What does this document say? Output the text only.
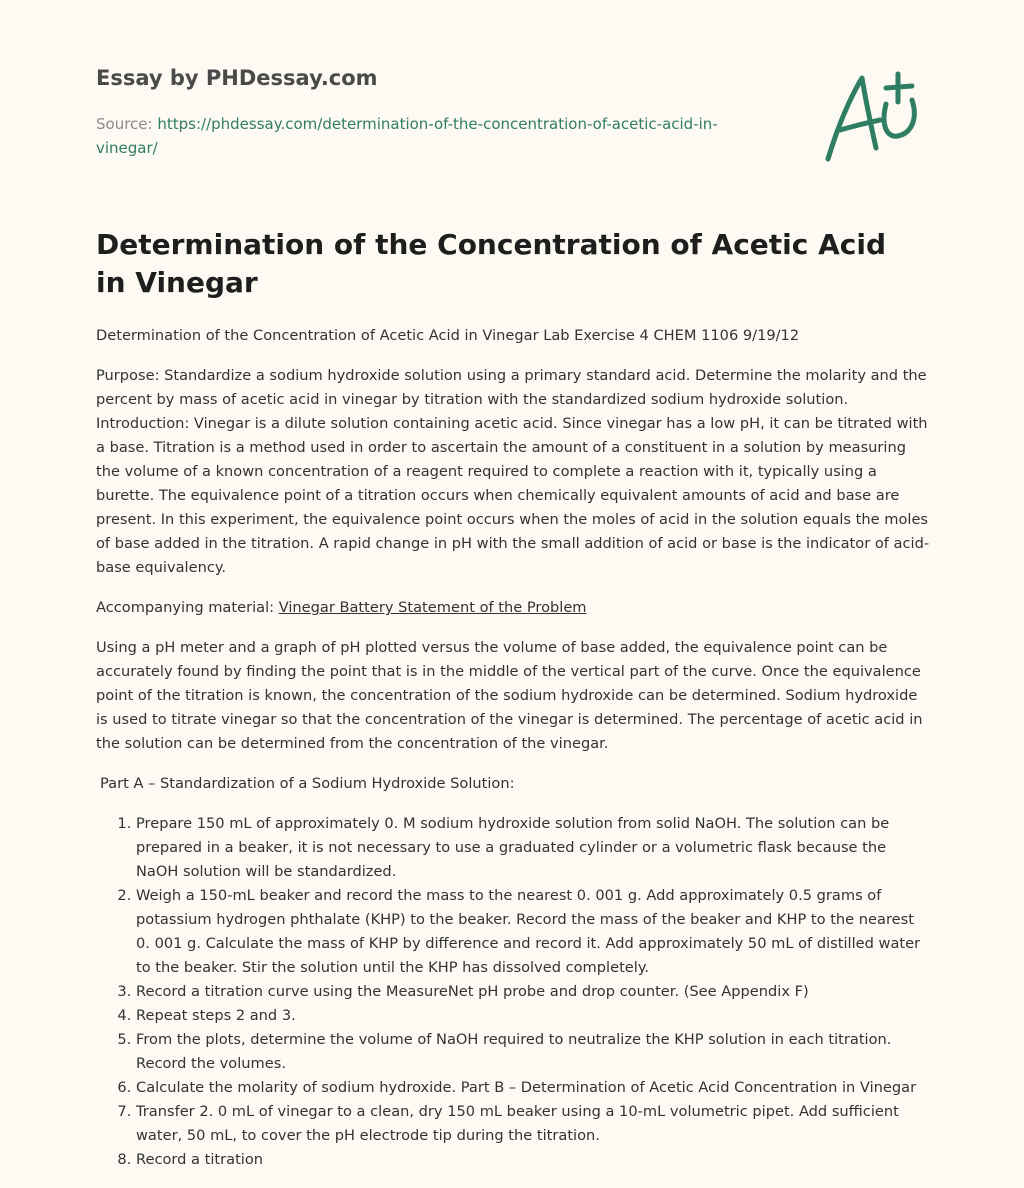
Essay by PHDessay.com
Source: https://phdessay.com/determination-of-the-concentration-of-acetic-acid-in-vinegar/
Determination of the Concentration of Acetic Acid in Vinegar

Determination of the Concentration of Acetic Acid in Vinegar Lab Exercise 4 CHEM 1106 9/19/12

Purpose: Standardize a sodium hydroxide solution using a primary standard acid. Determine the molarity and the percent by mass of acetic acid in vinegar by titration with the standardized sodium hydroxide solution. Introduction: Vinegar is a dilute solution containing acetic acid. Since vinegar has a low pH, it can be titrated with a base. Titration is a method used in order to ascertain the amount of a constituent in a solution by measuring the volume of a known concentration of a reagent required to complete a reaction with it, typically using a burette. The equivalence point of a titration occurs when chemically equivalent amounts of acid and base are present. In this experiment, the equivalence point occurs when the moles of acid in the solution equals the moles of base added in the titration. A rapid change in pH with the small addition of acid or base is the indicator of acid-base equivalency.

Accompanying material: Vinegar Battery Statement of the Problem

Using a pH meter and a graph of pH plotted versus the volume of base added, the equivalence point can be accurately found by finding the point that is in the middle of the vertical part of the curve. Once the equivalence point of the titration is known, the concentration of the sodium hydroxide can be determined. Sodium hydroxide is used to titrate vinegar so that the concentration of the vinegar is determined. The percentage of acetic acid in the solution can be determined from the concentration of the vinegar.

Part A – Standardization of a Sodium Hydroxide Solution:

1. Prepare 150 mL of approximately 0. M sodium hydroxide solution from solid NaOH. The solution can be prepared in a beaker, it is not necessary to use a graduated cylinder or a volumetric flask because the NaOH solution will be standardized.
2. Weigh a 150-mL beaker and record the mass to the nearest 0. 001 g. Add approximately 0.5 grams of potassium hydrogen phthalate (KHP) to the beaker. Record the mass of the beaker and KHP to the nearest 0. 001 g. Calculate the mass of KHP by difference and record it. Add approximately 50 mL of distilled water to the beaker. Stir the solution until the KHP has dissolved completely.
3. Record a titration curve using the MeasureNet pH probe and drop counter. (See Appendix F)
4. Repeat steps 2 and 3.
5. From the plots, determine the volume of NaOH required to neutralize the KHP solution in each titration. Record the volumes.
6. Calculate the molarity of sodium hydroxide. Part B – Determination of Acetic Acid Concentration in Vinegar
7. Transfer 2. 0 mL of vinegar to a clean, dry 150 mL beaker using a 10-mL volumetric pipet. Add sufficient water, 50 mL, to cover the pH electrode tip during the titration.
8. Record a titration
